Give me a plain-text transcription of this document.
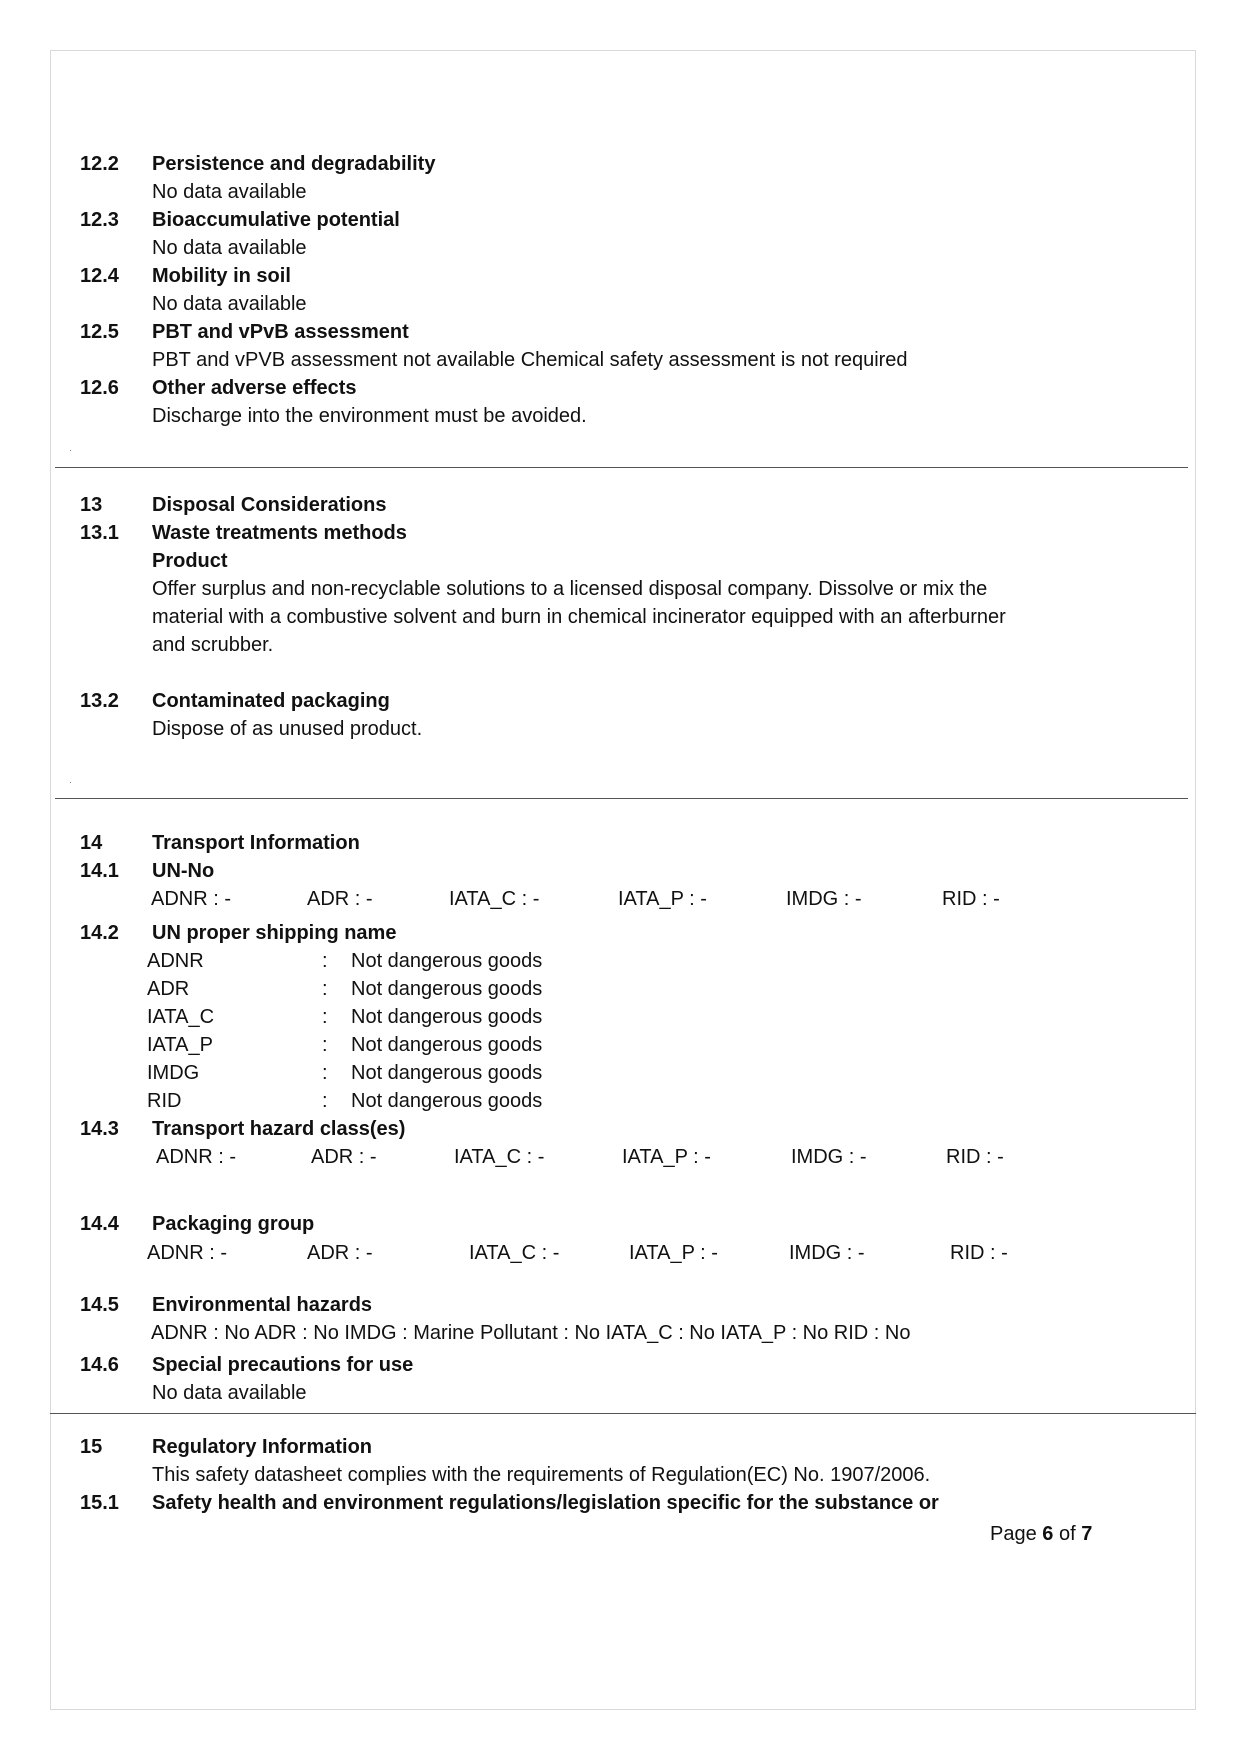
12.2 Persistence and degradability
No data available
12.3 Bioaccumulative potential
No data available
12.4 Mobility in soil
No data available
12.5 PBT and vPvB assessment
PBT and vPVB assessment not available Chemical safety assessment is not required
12.6 Other adverse effects
Discharge into the environment must be avoided.
13 Disposal Considerations
13.1 Waste treatments methods
Product
Offer surplus and non-recyclable solutions to a licensed disposal company. Dissolve or mix the
material with a combustive solvent and burn in chemical incinerator equipped with an afterburner
and scrubber.
13.2 Contaminated packaging
Dispose of as unused product.
14 Transport Information
14.1 UN-No
ADNR : -	ADR : -	IATA_C : -	IATA_P : -	IMDG : -	RID : -
14.2 UN proper shipping name
ADNR	: Not dangerous goods
ADR	: Not dangerous goods
IATA_C	: Not dangerous goods
IATA_P	: Not dangerous goods
IMDG	: Not dangerous goods
RID	: Not dangerous goods
14.3 Transport hazard class(es)
ADNR : -	ADR : -	IATA_C : -	IATA_P : -	IMDG : -	RID : -
14.4 Packaging group
ADNR : -	ADR : -	IATA_C : -	IATA_P : -	IMDG : -	RID : -
14.5 Environmental hazards
ADNR : No ADR : No IMDG : Marine Pollutant : No IATA_C : No IATA_P : No RID : No
14.6 Special precautions for use
No data available
15 Regulatory Information
This safety datasheet complies with the requirements of Regulation(EC) No. 1907/2006.
15.1 Safety health and environment regulations/legislation specific for the substance or
Page 6 of 7
